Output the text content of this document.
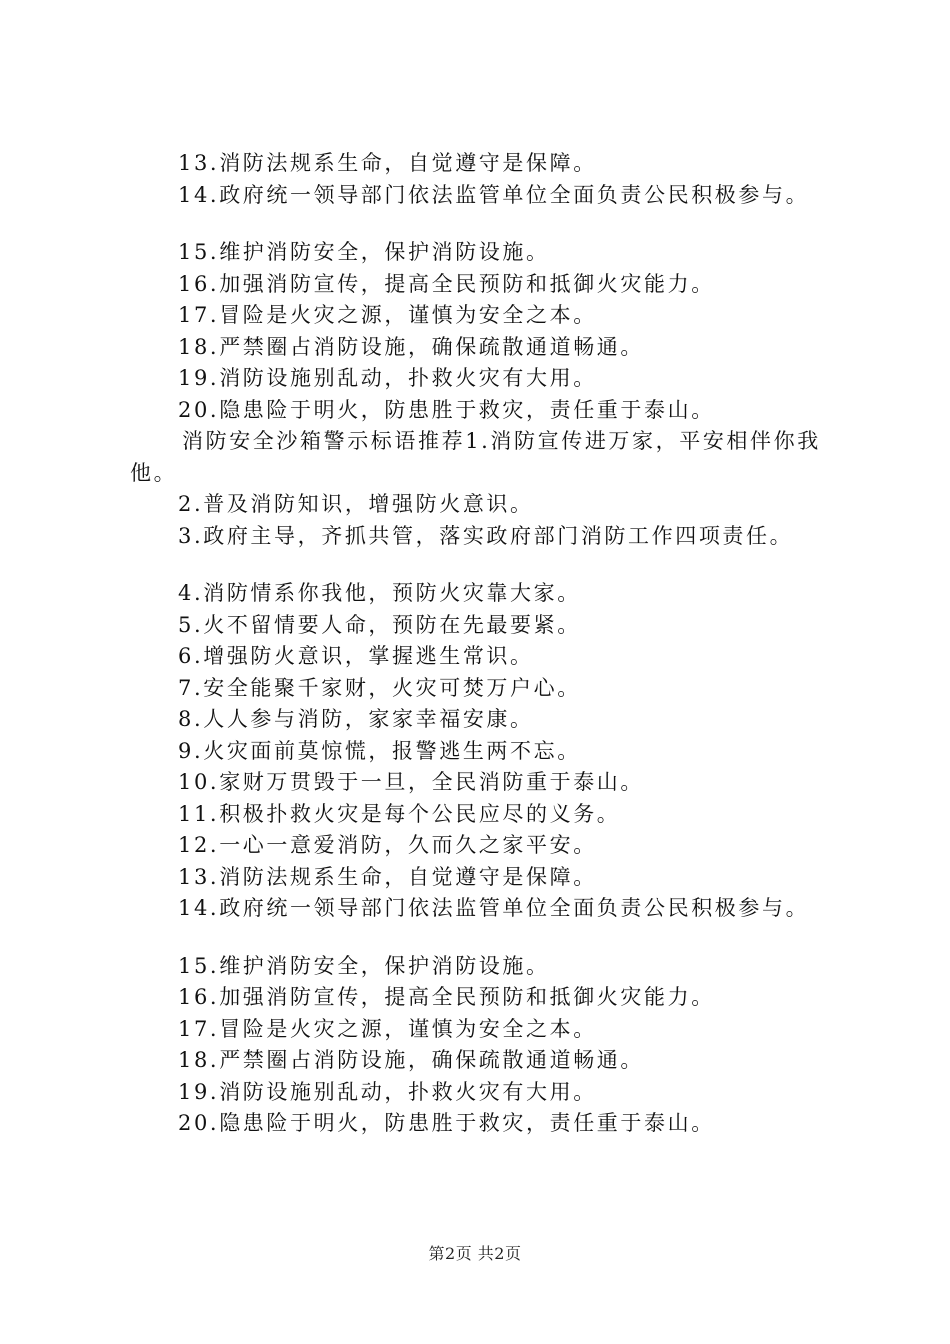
13.消防法规系生命，自觉遵守是保障。
14.政府统一领导部门依法监管单位全面负责公民积极参与。
15.维护消防安全，保护消防设施。
16.加强消防宣传，提高全民预防和抵御火灾能力。
17.冒险是火灾之源，谨慎为安全之本。
18.严禁圈占消防设施，确保疏散通道畅通。
19.消防设施别乱动，扑救火灾有大用。
20.隐患险于明火，防患胜于救灾，责任重于泰山。
消防安全沙箱警示标语推荐1.消防宣传进万家，平安相伴你我他。
2.普及消防知识，增强防火意识。
3.政府主导，齐抓共管，落实政府部门消防工作四项责任。
4.消防情系你我他，预防火灾靠大家。
5.火不留情要人命，预防在先最要紧。
6.增强防火意识，掌握逃生常识。
7.安全能聚千家财，火灾可焚万户心。
8.人人参与消防，家家幸福安康。
9.火灾面前莫惊慌，报警逃生两不忘。
10.家财万贯毁于一旦，全民消防重于泰山。
11.积极扑救火灾是每个公民应尽的义务。
12.一心一意爱消防，久而久之家平安。
13.消防法规系生命，自觉遵守是保障。
14.政府统一领导部门依法监管单位全面负责公民积极参与。
15.维护消防安全，保护消防设施。
16.加强消防宣传，提高全民预防和抵御火灾能力。
17.冒险是火灾之源，谨慎为安全之本。
18.严禁圈占消防设施，确保疏散通道畅通。
19.消防设施别乱动，扑救火灾有大用。
20.隐患险于明火，防患胜于救灾，责任重于泰山。
第2页 共2页
